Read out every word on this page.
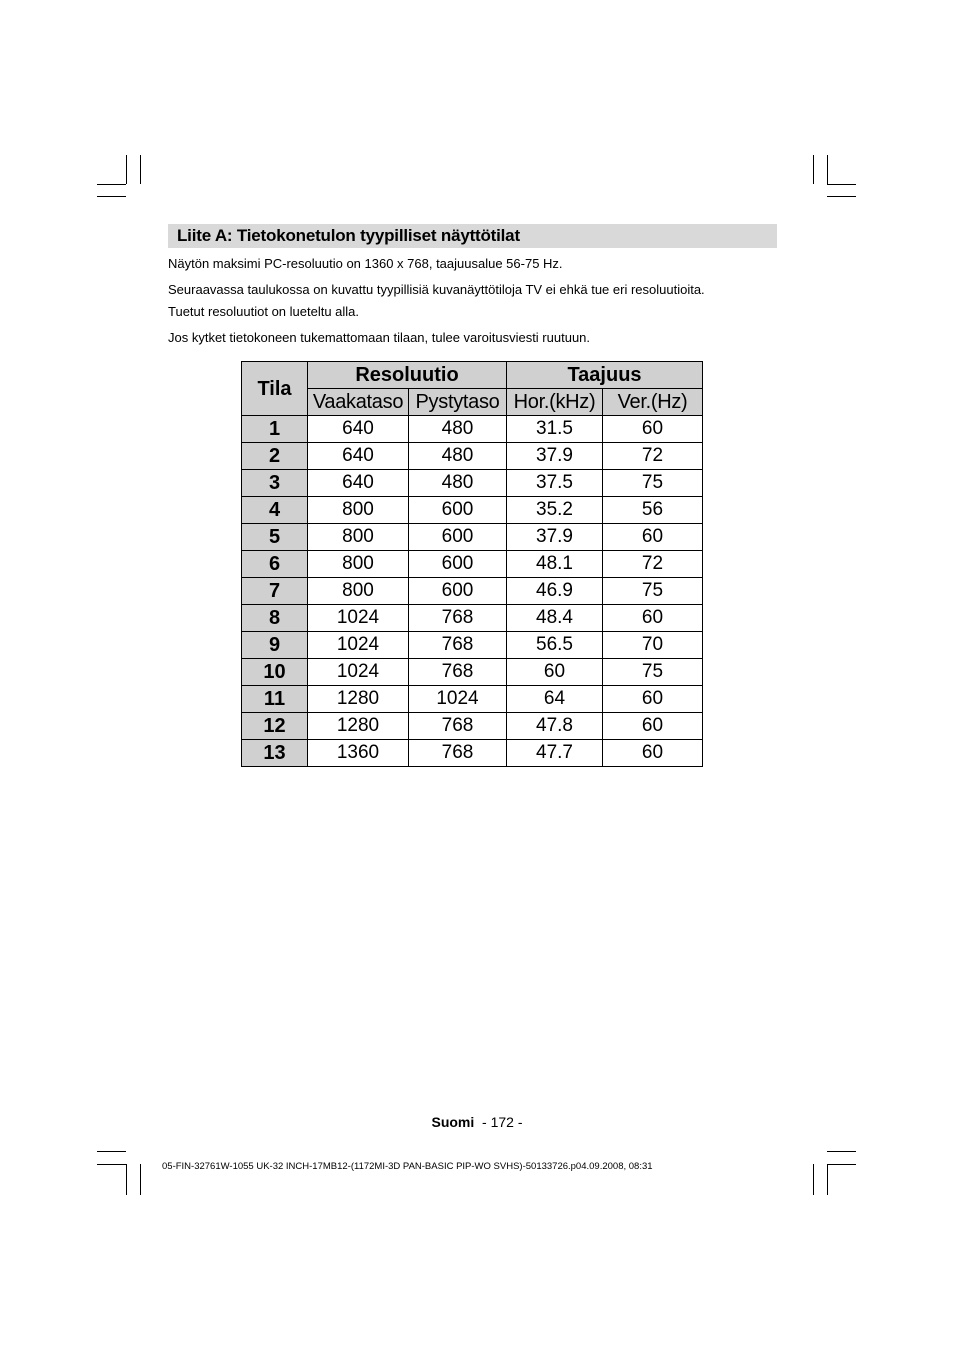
Liite A: Tietokonetulon tyypilliset näyttötilat
Näytön maksimi PC-resoluutio on 1360 x 768, taajuusalue 56-75 Hz.
Seuraavassa taulukossa on kuvattu tyypillisiä kuvanäyttötiloja TV ei ehkä tue eri resoluutioita.
Tuetut resoluutiot on lueteltu alla.
Jos kytket tietokoneen tukemattomaan tilaan, tulee varoitusviesti ruutuun.
Tila	Resoluutio		Taajuus	
	Vaakataso	Pystytaso	Hor.(kHz)	Ver.(Hz)
1	640	480	31.5	60
2	640	480	37.9	72
3	640	480	37.5	75
4	800	600	35.2	56
5	800	600	37.9	60
6	800	600	48.1	72
7	800	600	46.9	75
8	1024	768	48.4	60
9	1024	768	56.5	70
10	1024	768	60	75
11	1280	1024	64	60
12	1280	768	47.8	60
13	1360	768	47.7	60
Suomi - 172 -
05-FIN-32761W-1055 UK-32 INCH-17MB12-(1172MI-3D PAN-BASIC PIP-WO SVHS)-50133726.p04.09.2008, 08:31
